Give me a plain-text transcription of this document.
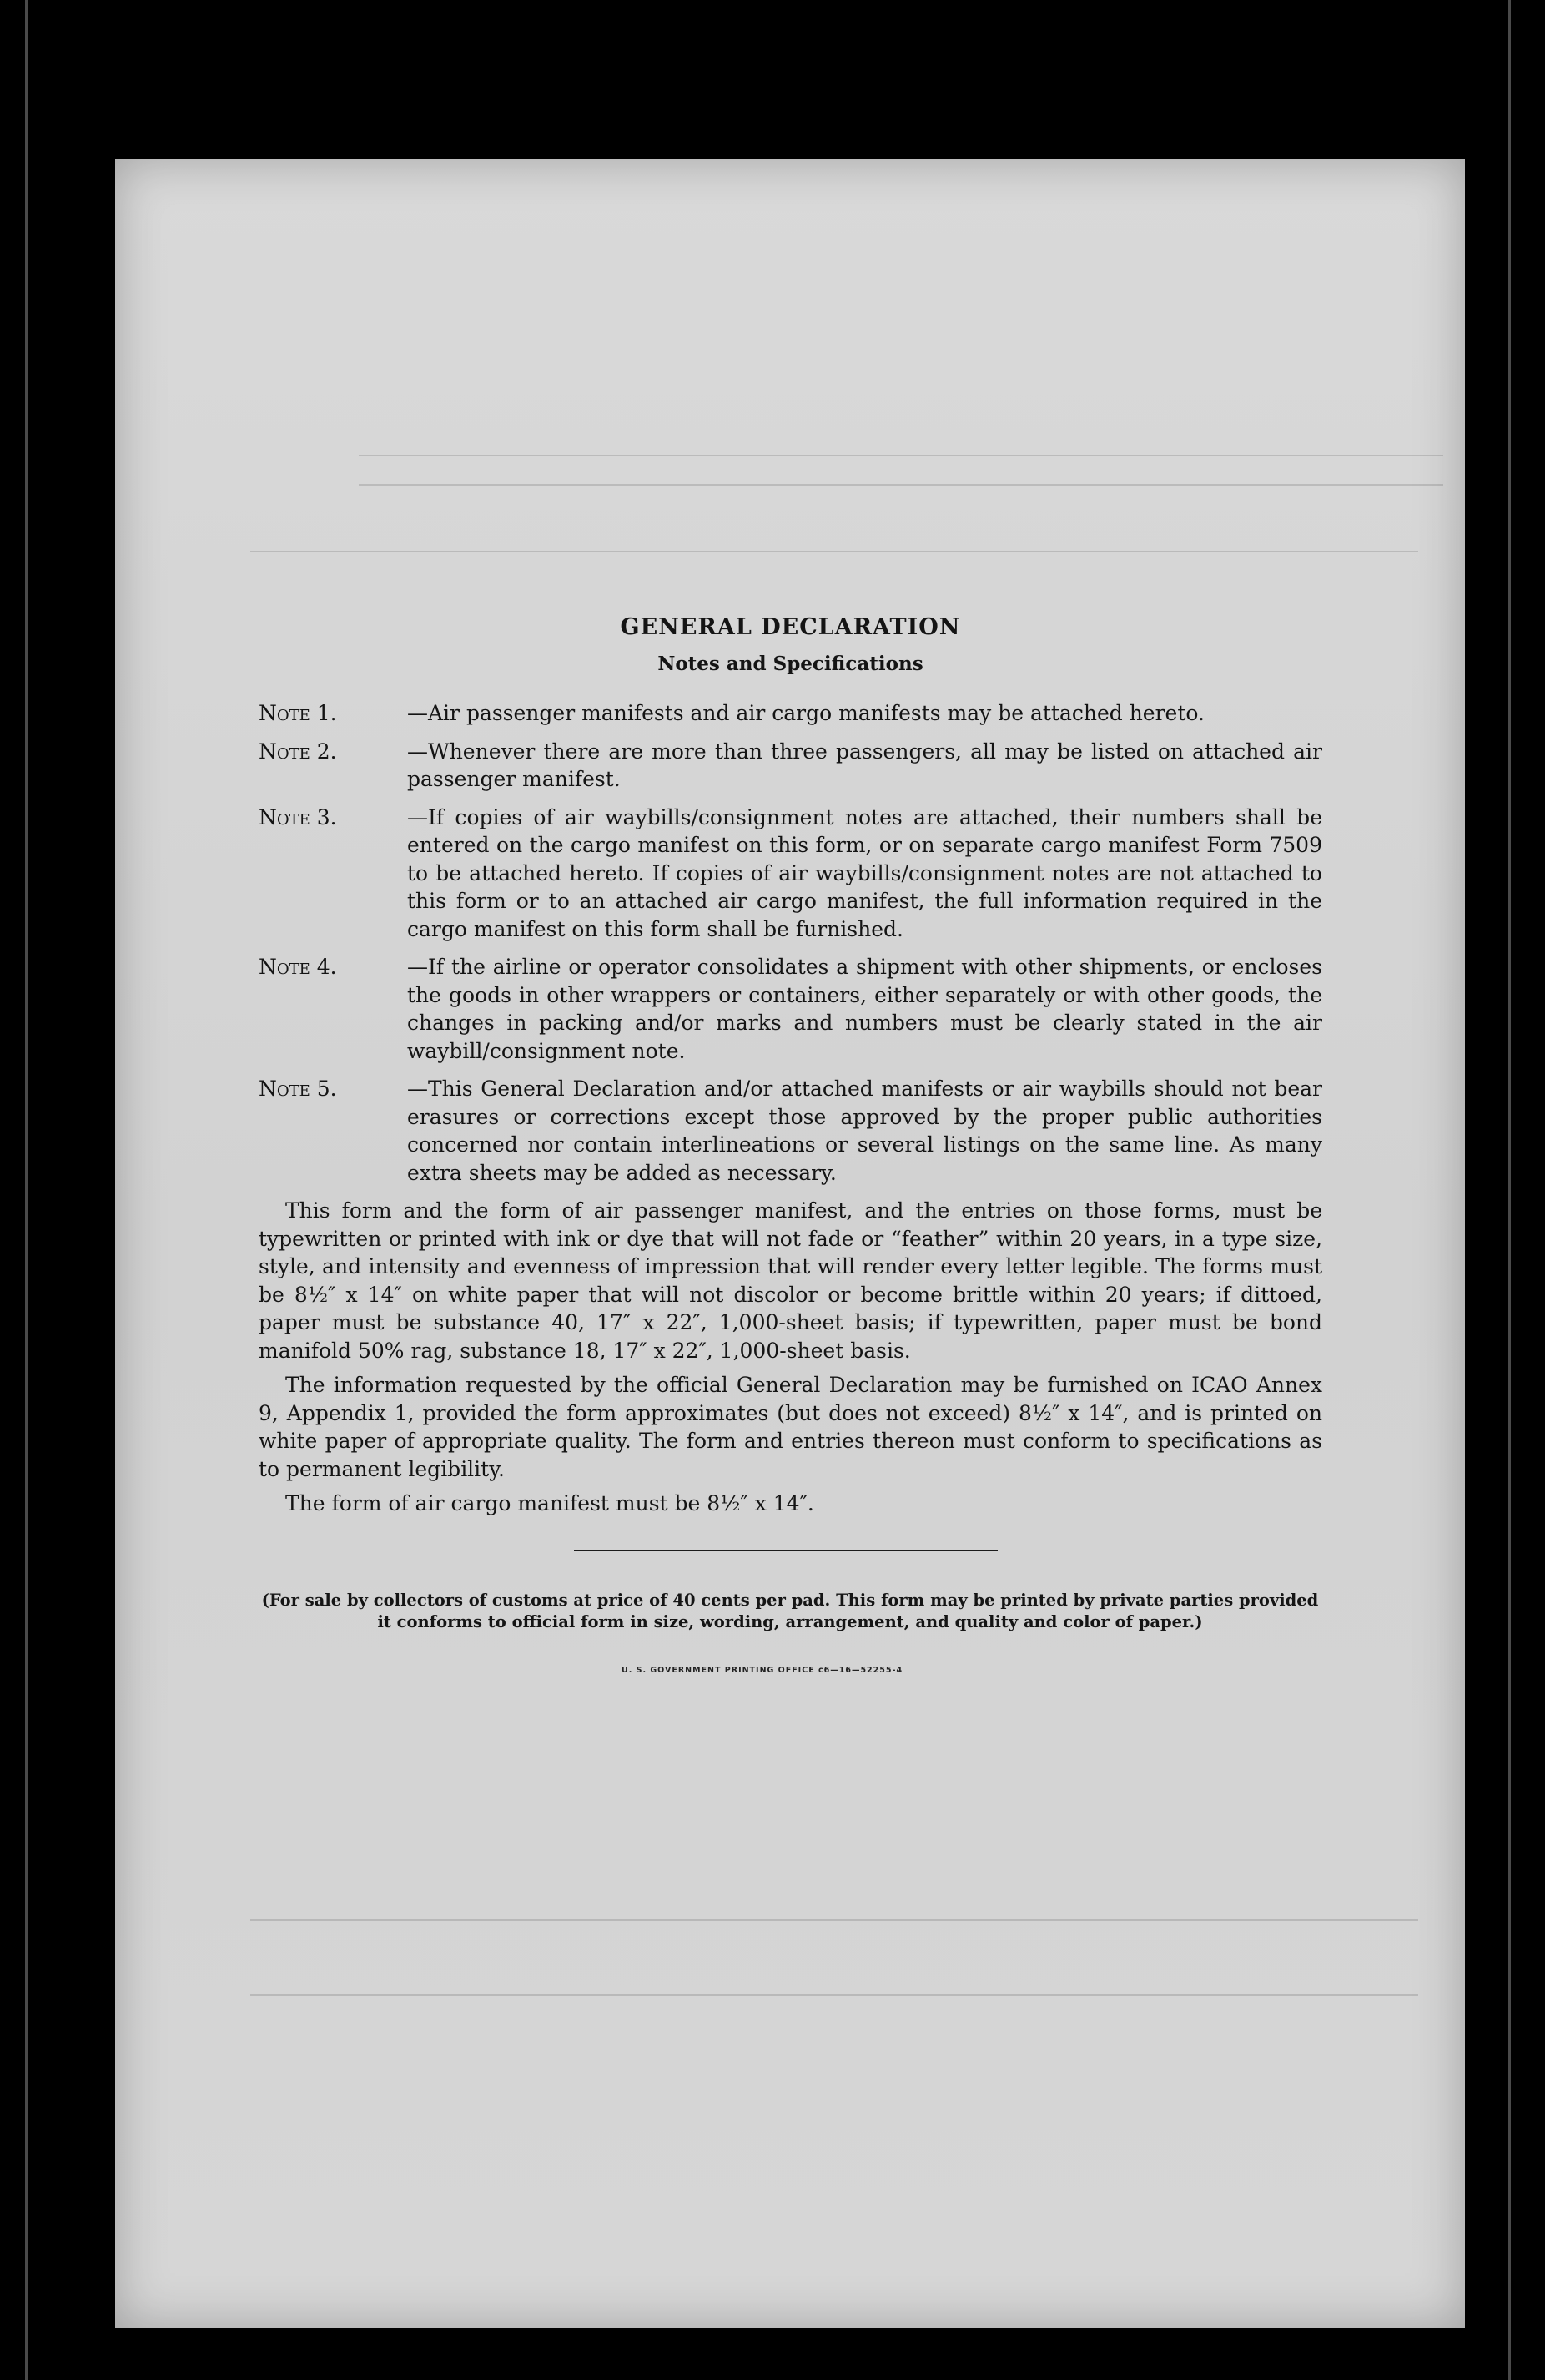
GENERAL DECLARATION
Notes and Specifications
Note 1.	—Air passenger manifests and air cargo manifests may be attached hereto.
Note 2.	—Whenever there are more than three passengers, all may be listed on attached air passenger manifest.
Note 3.	—If copies of air waybills/consignment notes are attached, their numbers shall be entered on the cargo manifest on this form, or on separate cargo manifest Form 7509 to be attached hereto. If copies of air waybills/consignment notes are not attached to this form or to an attached air cargo manifest, the full information required in the cargo manifest on this form shall be furnished.
Note 4.	—If the airline or operator consolidates a shipment with other shipments, or encloses the goods in other wrappers or containers, either separately or with other goods, the changes in packing and/or marks and numbers must be clearly stated in the air waybill/consignment note.
Note 5.	—This General Declaration and/or attached manifests or air waybills should not bear erasures or corrections except those approved by the proper public authorities concerned nor contain interlineations or several listings on the same line. As many extra sheets may be added as necessary.

This form and the form of air passenger manifest, and the entries on those forms, must be typewritten or printed with ink or dye that will not fade or “feather” within 20 years, in a type size, style, and intensity and evenness of impression that will render every letter legible. The forms must be 8½″ x 14″ on white paper that will not discolor or become brittle within 20 years; if dittoed, paper must be substance 40, 17″ x 22″, 1,000-sheet basis; if typewritten, paper must be bond manifold 50% rag, substance 18, 17″ x 22″, 1,000-sheet basis.

The information requested by the official General Declaration may be furnished on ICAO Annex 9, Appendix 1, provided the form approximates (but does not exceed) 8½″ x 14″, and is printed on white paper of appropriate quality. The form and entries thereon must conform to specifications as to permanent legibility.

The form of air cargo manifest must be 8½″ x 14″.

(For sale by collectors of customs at price of 40 cents per pad. This form may be printed by private parties provided it conforms to official form in size, wording, arrangement, and quality and color of paper.)
U. S. GOVERNMENT PRINTING OFFICE c6—16—52255-4
